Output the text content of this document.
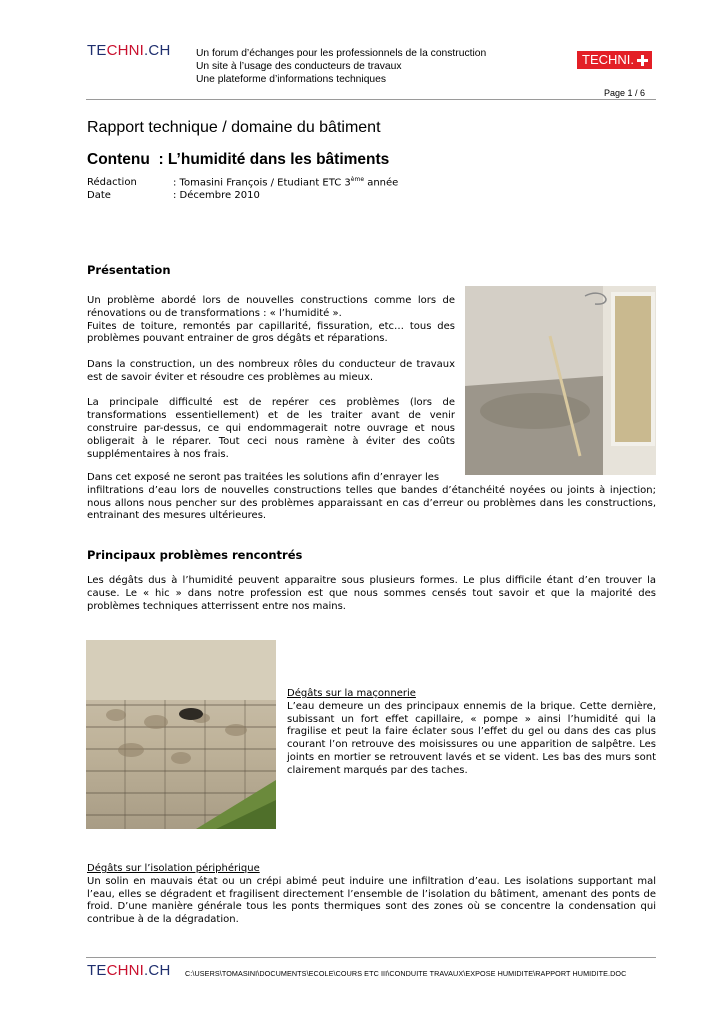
TECHNI.CH Un forum d’échanges pour les professionnels de la construction
Un site à l’usage des conducteurs de travaux
Une plateforme d’informations techniques
TECHNI.
Page 1 / 6
Rapport technique / domaine du bâtiment
Contenu  : L’humidité dans les bâtiments
Rédaction	: Tomasini François / Etudiant ETC 3ème année
Date	: Décembre 2010
Présentation

Un problème abordé lors de nouvelles constructions comme lors de rénovations ou de transformations : « l’humidité ».
Fuites de toiture, remontés par capillarité, fissuration, etc… tous des problèmes pouvant entrainer de gros dégâts et réparations.

Dans la construction, un des nombreux rôles du conducteur de travaux est de savoir éviter et résoudre ces problèmes au mieux.

La principale difficulté est de repérer ces problèmes (lors de transformations essentiellement) et de les traiter avant de venir construire par-dessus, ce qui endommagerait notre ouvrage et nous obligerait à le réparer. Tout ceci nous ramène à éviter des coûts supplémentaires à nos frais.

Dans cet exposé ne seront pas traitées les solutions afin d’enrayer les
infiltrations d’eau lors de nouvelles constructions telles que bandes d’étanchéité noyées ou joints à injection; nous allons nous pencher sur des problèmes apparaissant en cas d’erreur ou problèmes dans les constructions, entrainant des mesures ultérieures.

Principaux problèmes rencontrés

Les dégâts dus à l’humidité peuvent apparaitre sous plusieurs formes. Le plus difficile étant d’en trouver la cause. Le « hic » dans notre profession est que nous sommes censés tout savoir et que la majorité des problèmes techniques atterrissent entre nos mains.

Dégâts sur la maçonnerie

L’eau demeure un des principaux ennemis de la brique. Cette dernière, subissant un fort effet capillaire, « pompe » ainsi l’humidité qui la fragilise et peut la faire éclater sous l’effet du gel ou dans des cas plus courant l’on retrouve des moisissures ou une apparition de salpêtre. Les joints en mortier se retrouvent lavés et se vident. Les bas des murs sont clairement marqués par des taches.

Dégâts sur l’isolation périphérique

Un solin en mauvais état ou un crépi abimé peut induire une infiltration d’eau. Les isolations supportant mal l’eau, elles se dégradent et fragilisent directement l’ensemble de l’isolation du bâtiment, amenant des ponts de froid. D’une manière générale tous les ponts thermiques sont des zones où se concentre la condensation qui contribue à de la dégradation.

TECHNI.CH C:\USERS\TOMASINI\DOCUMENTS\ECOLE\COURS ETC III\CONDUITE TRAVAUX\EXPOSE HUMIDITE\RAPPORT HUMIDITE.DOC
